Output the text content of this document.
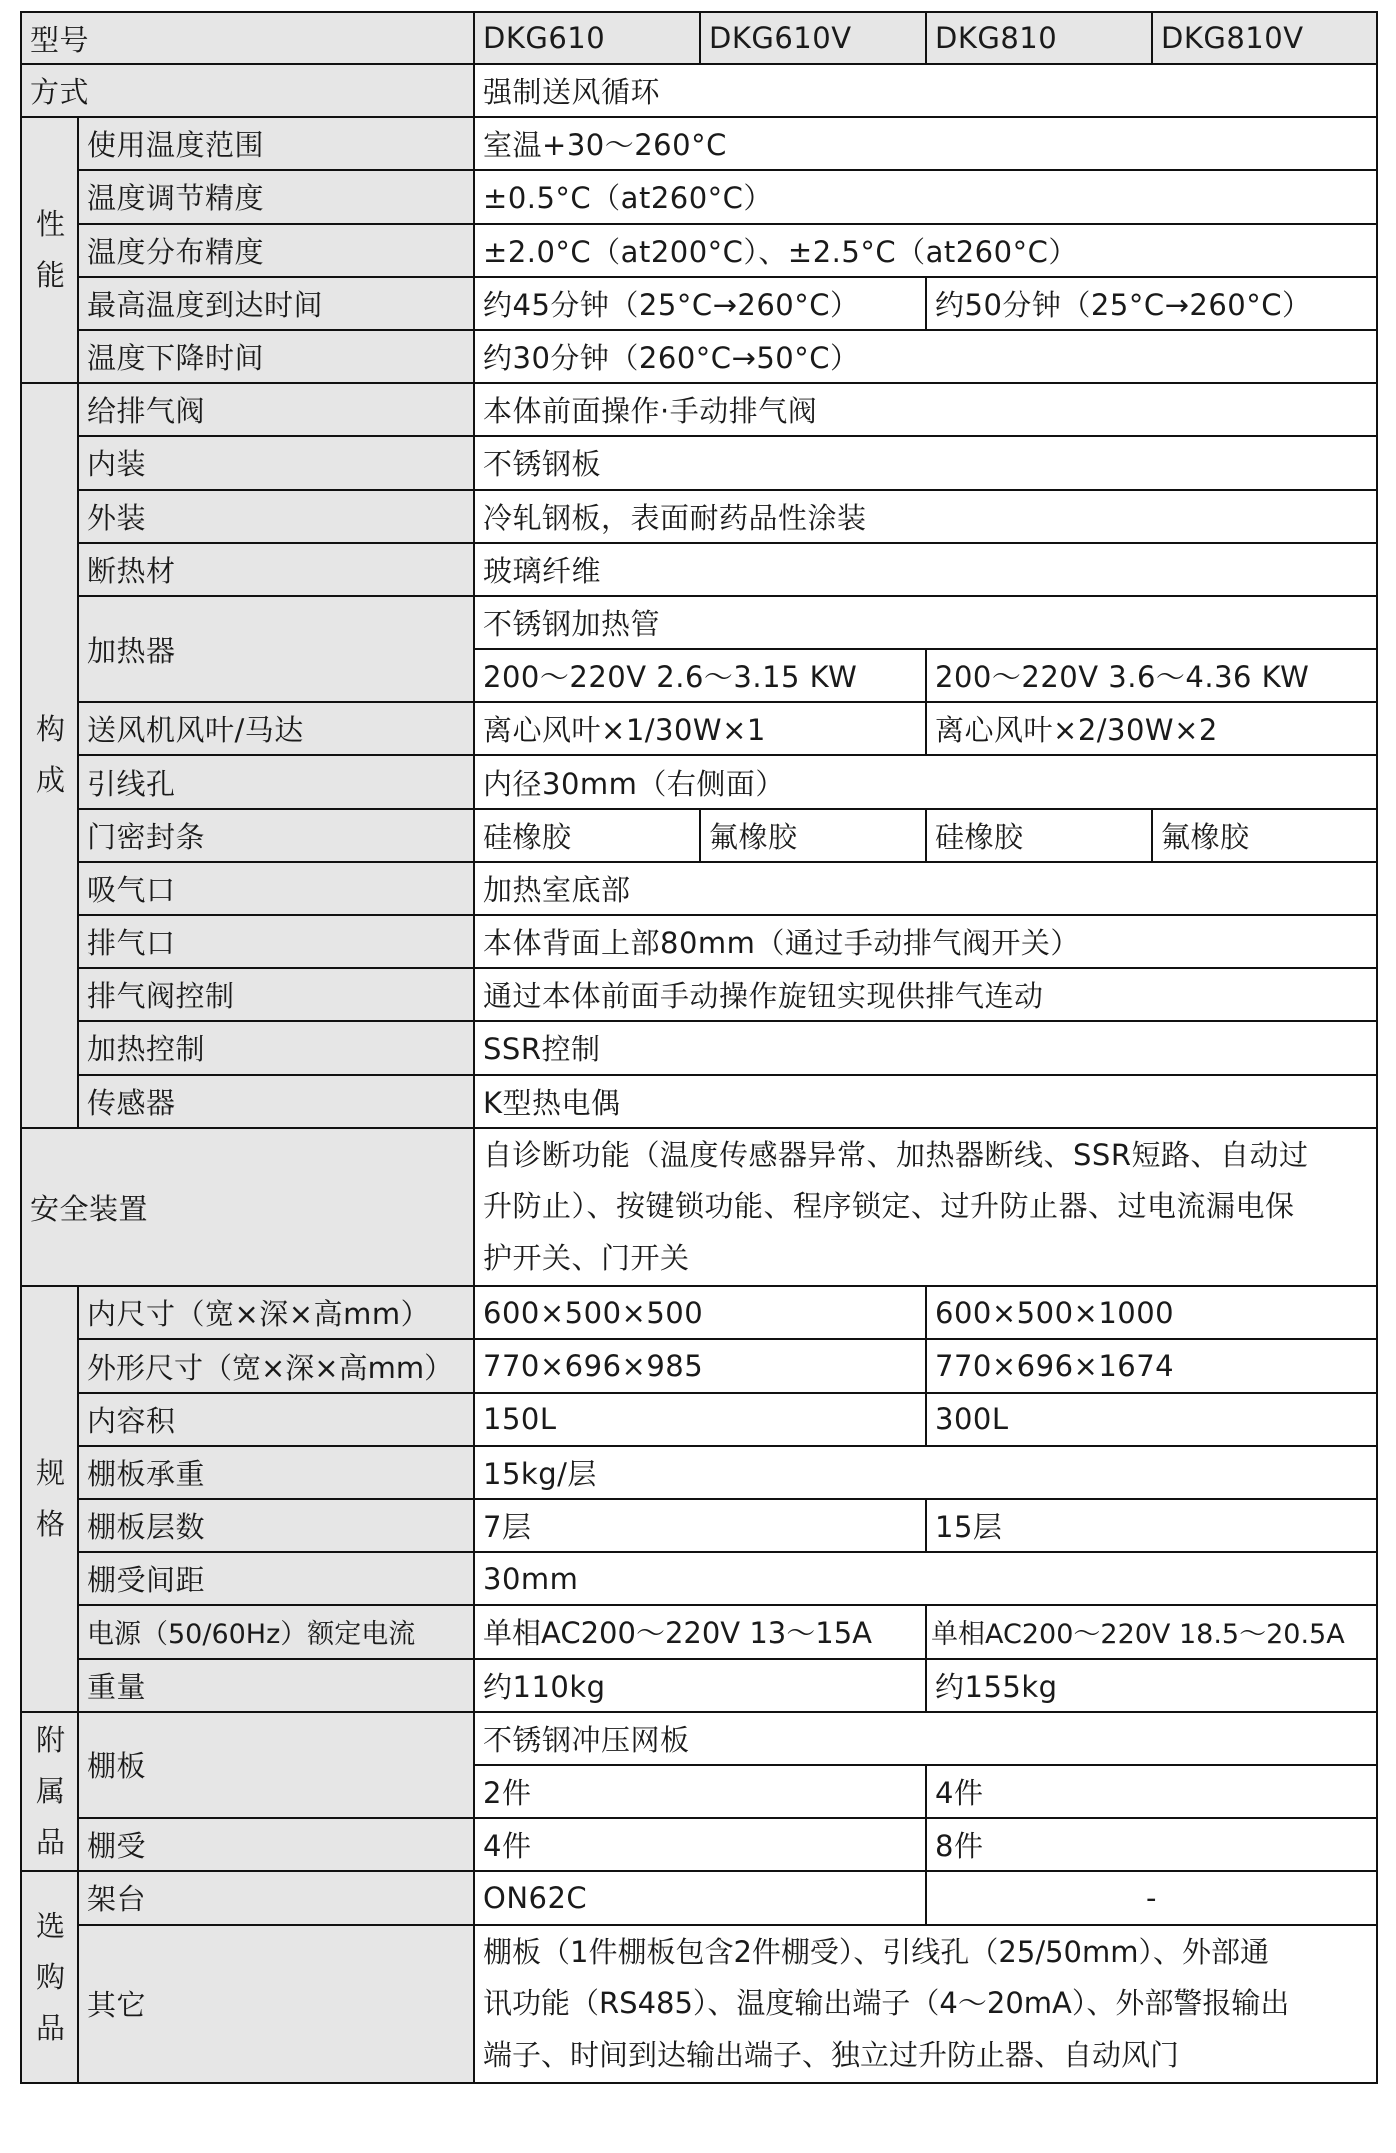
型号		DKG610	DKG610V	DKG810	DKG810V
方式		强制送风循环			

性
能	使用温度范围	室温+30～260°C			
	温度调节精度	±0.5°C（at260°C）			
	温度分布精度	±2.0°C（at200°C）、±2.5°C（at260°C）			
	最高温度到达时间	约45分钟（25°C→260°C）		约50分钟（25°C→260°C）	
	温度下降时间	约30分钟（260°C→50°C）			

构
成	给排气阀	本体前面操作·手动排气阀			
	内装	不锈钢板			
	外装	冷轧钢板，表面耐药品性涂装			
	断热材	玻璃纤维			
	加热器	不锈钢加热管			
		200～220V 2.6～3.15 KW		200～220V 3.6～4.36 KW	
	送风机风叶/马达	离心风叶×1/30W×1		离心风叶×2/30W×2	
	引线孔	内径30mm（右侧面）			
	门密封条	硅橡胶	氟橡胶	硅橡胶	氟橡胶
	吸气口	加热室底部			
	排气口	本体背面上部80mm（通过手动排气阀开关）			
	排气阀控制	通过本体前面手动操作旋钮实现供排气连动			
	加热控制	SSR控制			
	传感器	K型热电偶			
安全装置		自诊断功能（温度传感器异常、加热器断线、SSR短路、自动过
升防止）、按键锁功能、程序锁定、过升防止器、过电流漏电保
护开关、门开关			

规
格	内尺寸（宽×深×高mm）	600×500×500		600×500×1000	
	外形尺寸（宽×深×高mm）	770×696×985		770×696×1674	
	内容积	150L		300L	
	棚板承重	15kg/层			
	棚板层数	7层		15层	
	棚受间距	30mm			
	电源（50/60Hz）额定电流	单相AC200～220V 13～15A		单相AC200～220V 18.5～20.5A	
	重量	约110kg		约155kg	

附
属
品	棚板	不锈钢冲压网板			
		2件		4件	
	棚受	4件		8件	

选
购
品	架台	ON62C		-	
	其它	棚板（1件棚板包含2件棚受）、引线孔（25/50mm）、外部通
讯功能（RS485）、温度输出端子（4～20mA）、外部警报输出
端子、时间到达输出端子、独立过升防止器、自动风门			
